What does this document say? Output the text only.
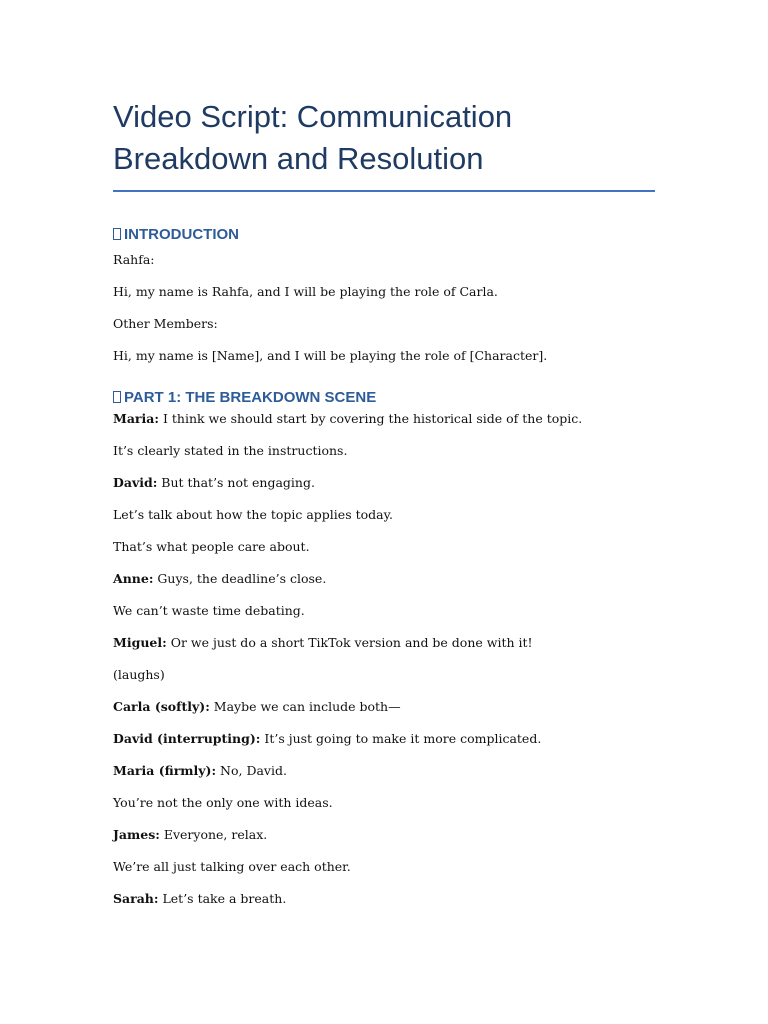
Video Script: Communication
Breakdown and Resolution
INTRODUCTION

Rahfa:

Hi, my name is Rahfa, and I will be playing the role of Carla.

Other Members:

Hi, my name is [Name], and I will be playing the role of [Character].

PART 1: THE BREAKDOWN SCENE

Maria: I think we should start by covering the historical side of the topic.

It’s clearly stated in the instructions.

David: But that’s not engaging.

Let’s talk about how the topic applies today.

That’s what people care about.

Anne: Guys, the deadline’s close.

We can’t waste time debating.

Miguel: Or we just do a short TikTok version and be done with it!

(laughs)

Carla (softly): Maybe we can include both—

David (interrupting): It’s just going to make it more complicated.

Maria (firmly): No, David.

You’re not the only one with ideas.

James: Everyone, relax.

We’re all just talking over each other.

Sarah: Let’s take a breath.
